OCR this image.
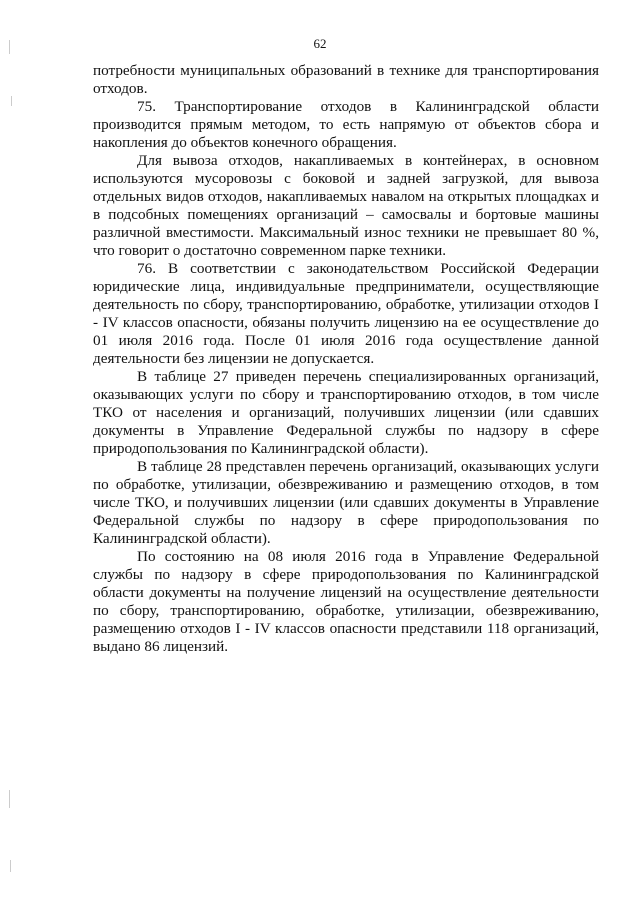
62

потребности муниципальных образований в технике для транспортирования отходов.

75. Транспортирование отходов в Калининградской области производится прямым методом, то есть напрямую от объектов сбора и накопления до объектов конечного обращения.

Для вывоза отходов, накапливаемых в контейнерах, в основном используются мусоровозы с боковой и задней загрузкой, для вывоза отдельных видов отходов, накапливаемых навалом на открытых площадках и в подсобных помещениях организаций – самосвалы и бортовые машины различной вместимости. Максимальный износ техники не превышает 80 %, что говорит о достаточно современном парке техники.

76. В соответствии с законодательством Российской Федерации юридические лица, индивидуальные предприниматели, осуществляющие деятельность по сбору, транспортированию, обработке, утилизации отходов I - IV классов опасности, обязаны получить лицензию на ее осуществление до 01 июля 2016 года. После 01 июля 2016 года осуществление данной деятельности без лицензии не допускается.

В таблице 27 приведен перечень специализированных организаций, оказывающих услуги по сбору и транспортированию отходов, в том числе ТКО от населения и организаций, получивших лицензии (или сдавших документы в Управление Федеральной службы по надзору в сфере природопользования по Калининградской области).

В таблице 28 представлен перечень организаций, оказывающих услуги по обработке, утилизации, обезвреживанию и размещению отходов, в том числе ТКО, и получивших лицензии (или сдавших документы в Управление Федеральной службы по надзору в сфере природопользования по Калининградской области).

По состоянию на 08 июля 2016 года в Управление Федеральной службы по надзору в сфере природопользования по Калининградской области документы на получение лицензий на осуществление деятельности по сбору, транспортированию, обработке, утилизации, обезвреживанию, размещению отходов I - IV классов опасности представили 118 организаций, выдано 86 лицензий.
